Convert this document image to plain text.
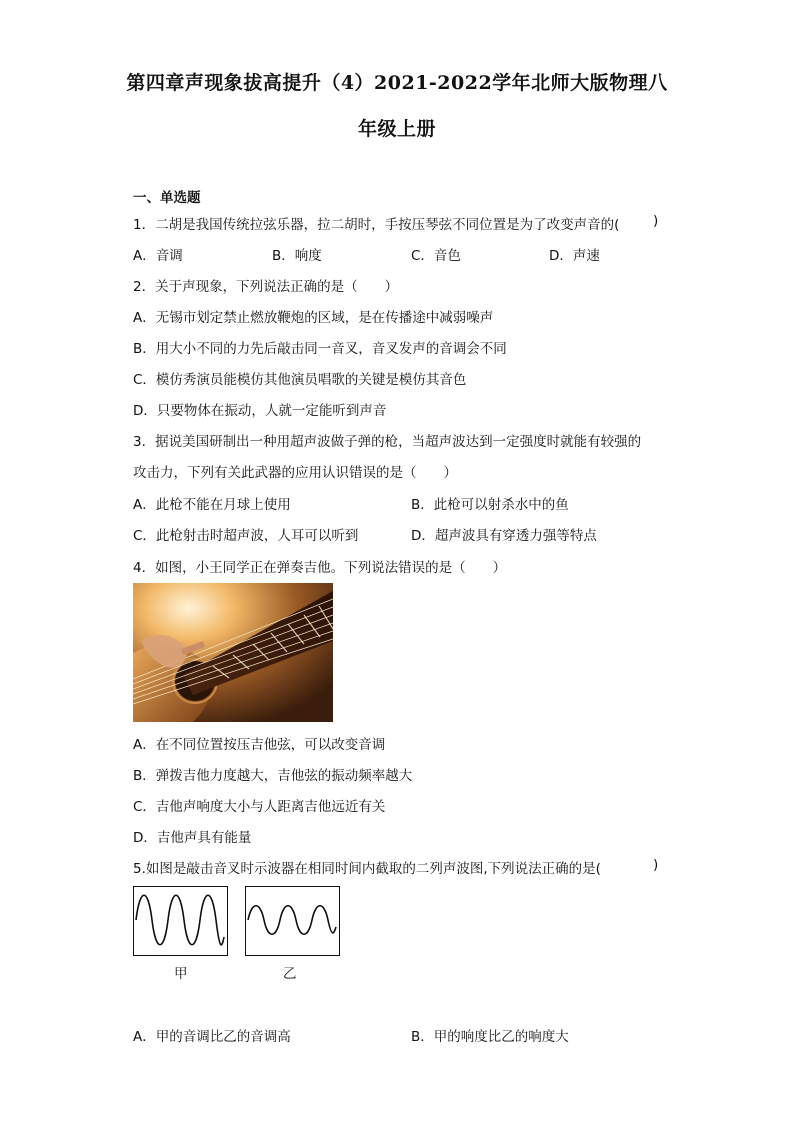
第四章声现象拔高提升（4）2021-2022学年北师大版物理八
年级上册
一、单选题
1．二胡是我国传统拉弦乐器，拉二胡时，手按压琴弦不同位置是为了改变声音的( )
A．音调	B．响度	C．音色	D．声速
2．关于声现象，下列说法正确的是（　　）
A．无锡市划定禁止燃放鞭炮的区域，是在传播途中减弱噪声
B．用大小不同的力先后敲击同一音叉，音叉发声的音调会不同
C．模仿秀演员能模仿其他演员唱歌的关键是模仿其音色
D．只要物体在振动，人就一定能听到声音
3．据说美国研制出一种用超声波做子弹的枪，当超声波达到一定强度时就能有较强的
攻击力，下列有关此武器的应用认识错误的是（　　）
A．此枪不能在月球上使用	B．此枪可以射杀水中的鱼
C．此枪射击时超声波，人耳可以听到	D．超声波具有穿透力强等特点
4．如图，小王同学正在弹奏吉他。下列说法错误的是（　　）
A．在不同位置按压吉他弦，可以改变音调
B．弹拨吉他力度越大，吉他弦的振动频率越大
C．吉他声响度大小与人距离吉他远近有关
D．吉他声具有能量
5.如图是敲击音叉时示波器在相同时间内截取的二列声波图,下列说法正确的是(	)
甲	乙
A．甲的音调比乙的音调高	B．甲的响度比乙的响度大
